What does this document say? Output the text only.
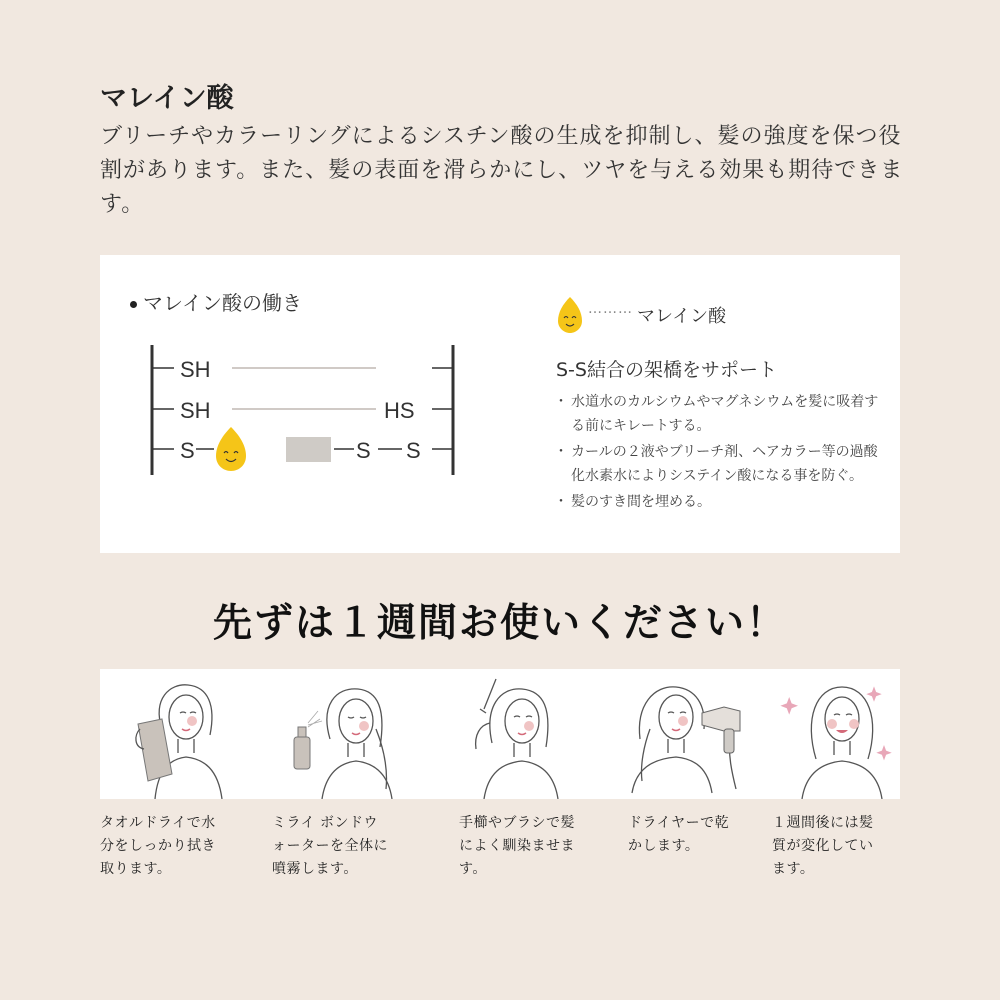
マレイン酸

ブリーチやカラーリングによるシスチン酸の生成を抑制し、髪の強度を保つ役割があります。また、髪の表面を滑らかにし、ツヤを与える効果も期待できます。

マレイン酸の働き
SH
SH	HS
S	S S
……… マレイン酸
S-S結合の架橋をサポート
・ 水道水のカルシウムやマグネシウムを髪に吸着する前にキレートする。
・ カールの２液やブリーチ剤、ヘアカラー等の過酸化水素水によりシステイン酸になる事を防ぐ。
・ 髪のすき間を埋める。
先ずは１週間お使いください！
タオルドライで水
分をしっかり拭き
取ります。
ミライ ボンドウ
ォーターを全体に
噴霧します。
手櫛やブラシで髪
によく馴染ませま
す。
ドライヤーで乾
かします。
１週間後には髪
質が変化してい
ます。
